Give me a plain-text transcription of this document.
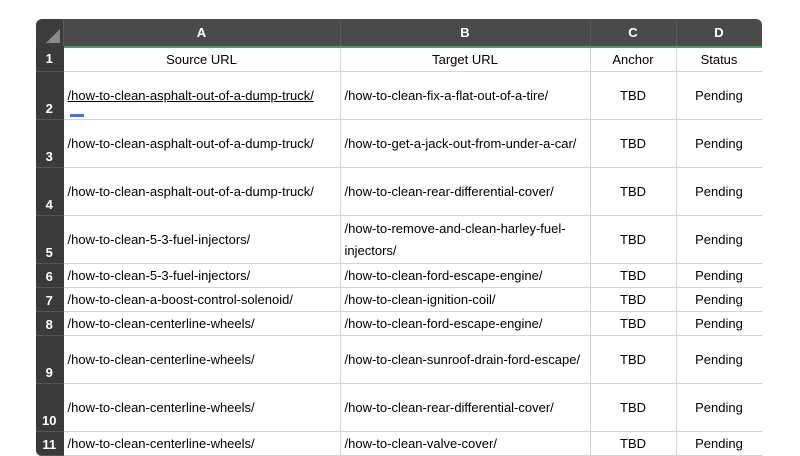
	A	B	C	D
1	Source URL	Target URL	Anchor	Status
2	/how-to-clean-asphalt-out-of-a-dump-truck/	/how-to-clean-fix-a-flat-out-of-a-tire/	TBD	Pending
3	/how-to-clean-asphalt-out-of-a-dump-truck/	/how-to-get-a-jack-out-from-under-a-car/	TBD	Pending
4	/how-to-clean-asphalt-out-of-a-dump-truck/	/how-to-clean-rear-differential-cover/	TBD	Pending
5	/how-to-clean-5-3-fuel-injectors/	/how-to-remove-and-clean-harley-fuel-injectors/	TBD	Pending
6	/how-to-clean-5-3-fuel-injectors/	/how-to-clean-ford-escape-engine/	TBD	Pending
7	/how-to-clean-a-boost-control-solenoid/	/how-to-clean-ignition-coil/	TBD	Pending
8	/how-to-clean-centerline-wheels/	/how-to-clean-ford-escape-engine/	TBD	Pending
9	/how-to-clean-centerline-wheels/	/how-to-clean-sunroof-drain-ford-escape/	TBD	Pending
10	/how-to-clean-centerline-wheels/	/how-to-clean-rear-differential-cover/	TBD	Pending
11	/how-to-clean-centerline-wheels/	/how-to-clean-valve-cover/	TBD	Pending
